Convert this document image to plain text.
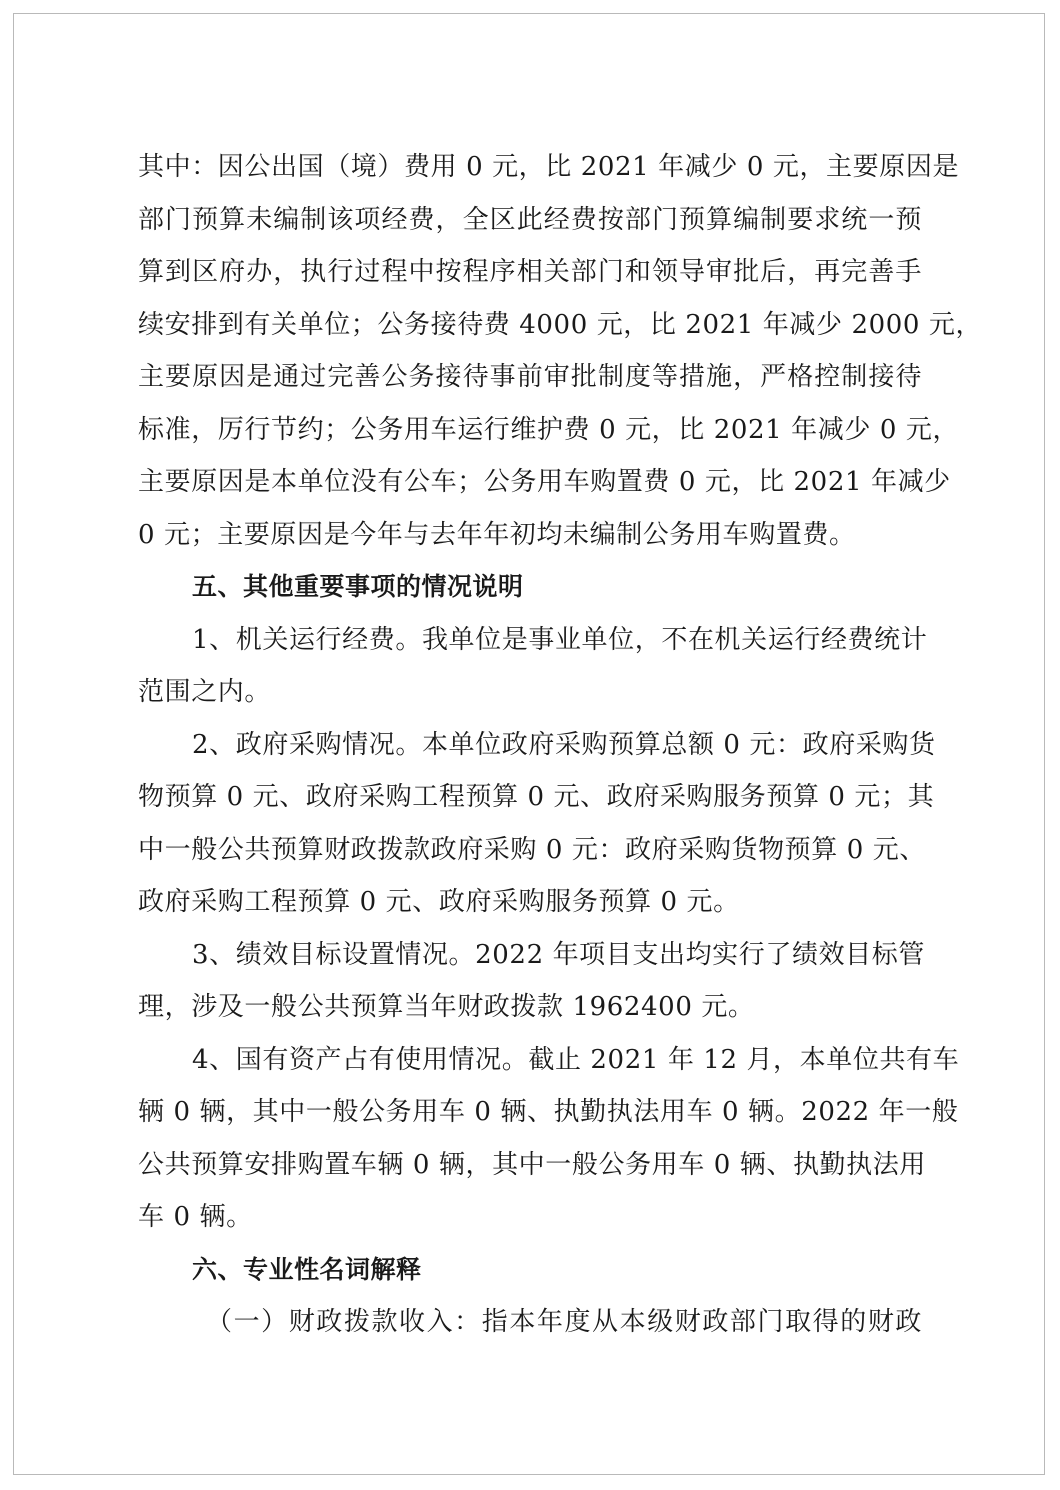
其中：因公出国（境）费用 0 元，比 2021 年减少 0 元，主要原因是
部门预算未编制该项经费，全区此经费按部门预算编制要求统一预
算到区府办，执行过程中按程序相关部门和领导审批后，再完善手
续安排到有关单位；公务接待费 4000 元，比 2021 年减少 2000 元，
主要原因是通过完善公务接待事前审批制度等措施，严格控制接待
标准，厉行节约；公务用车运行维护费 0 元，比 2021 年减少 0 元，
主要原因是本单位没有公车；公务用车购置费 0 元，比 2021 年减少
0 元；主要原因是今年与去年年初均未编制公务用车购置费。
五、其他重要事项的情况说明
1、机关运行经费。我单位是事业单位，不在机关运行经费统计
范围之内。
2、政府采购情况。本单位政府采购预算总额 0 元：政府采购货
物预算 0 元、政府采购工程预算 0 元、政府采购服务预算 0 元；其
中一般公共预算财政拨款政府采购 0 元：政府采购货物预算 0 元、
政府采购工程预算 0 元、政府采购服务预算 0 元。
3、绩效目标设置情况。2022 年项目支出均实行了绩效目标管
理，涉及一般公共预算当年财政拨款 1962400 元。
4、国有资产占有使用情况。截止 2021 年 12 月，本单位共有车
辆 0 辆，其中一般公务用车 0 辆、执勤执法用车 0 辆。2022 年一般
公共预算安排购置车辆 0 辆，其中一般公务用车 0 辆、执勤执法用
车 0 辆。
六、专业性名词解释
（一）财政拨款收入：指本年度从本级财政部门取得的财政
